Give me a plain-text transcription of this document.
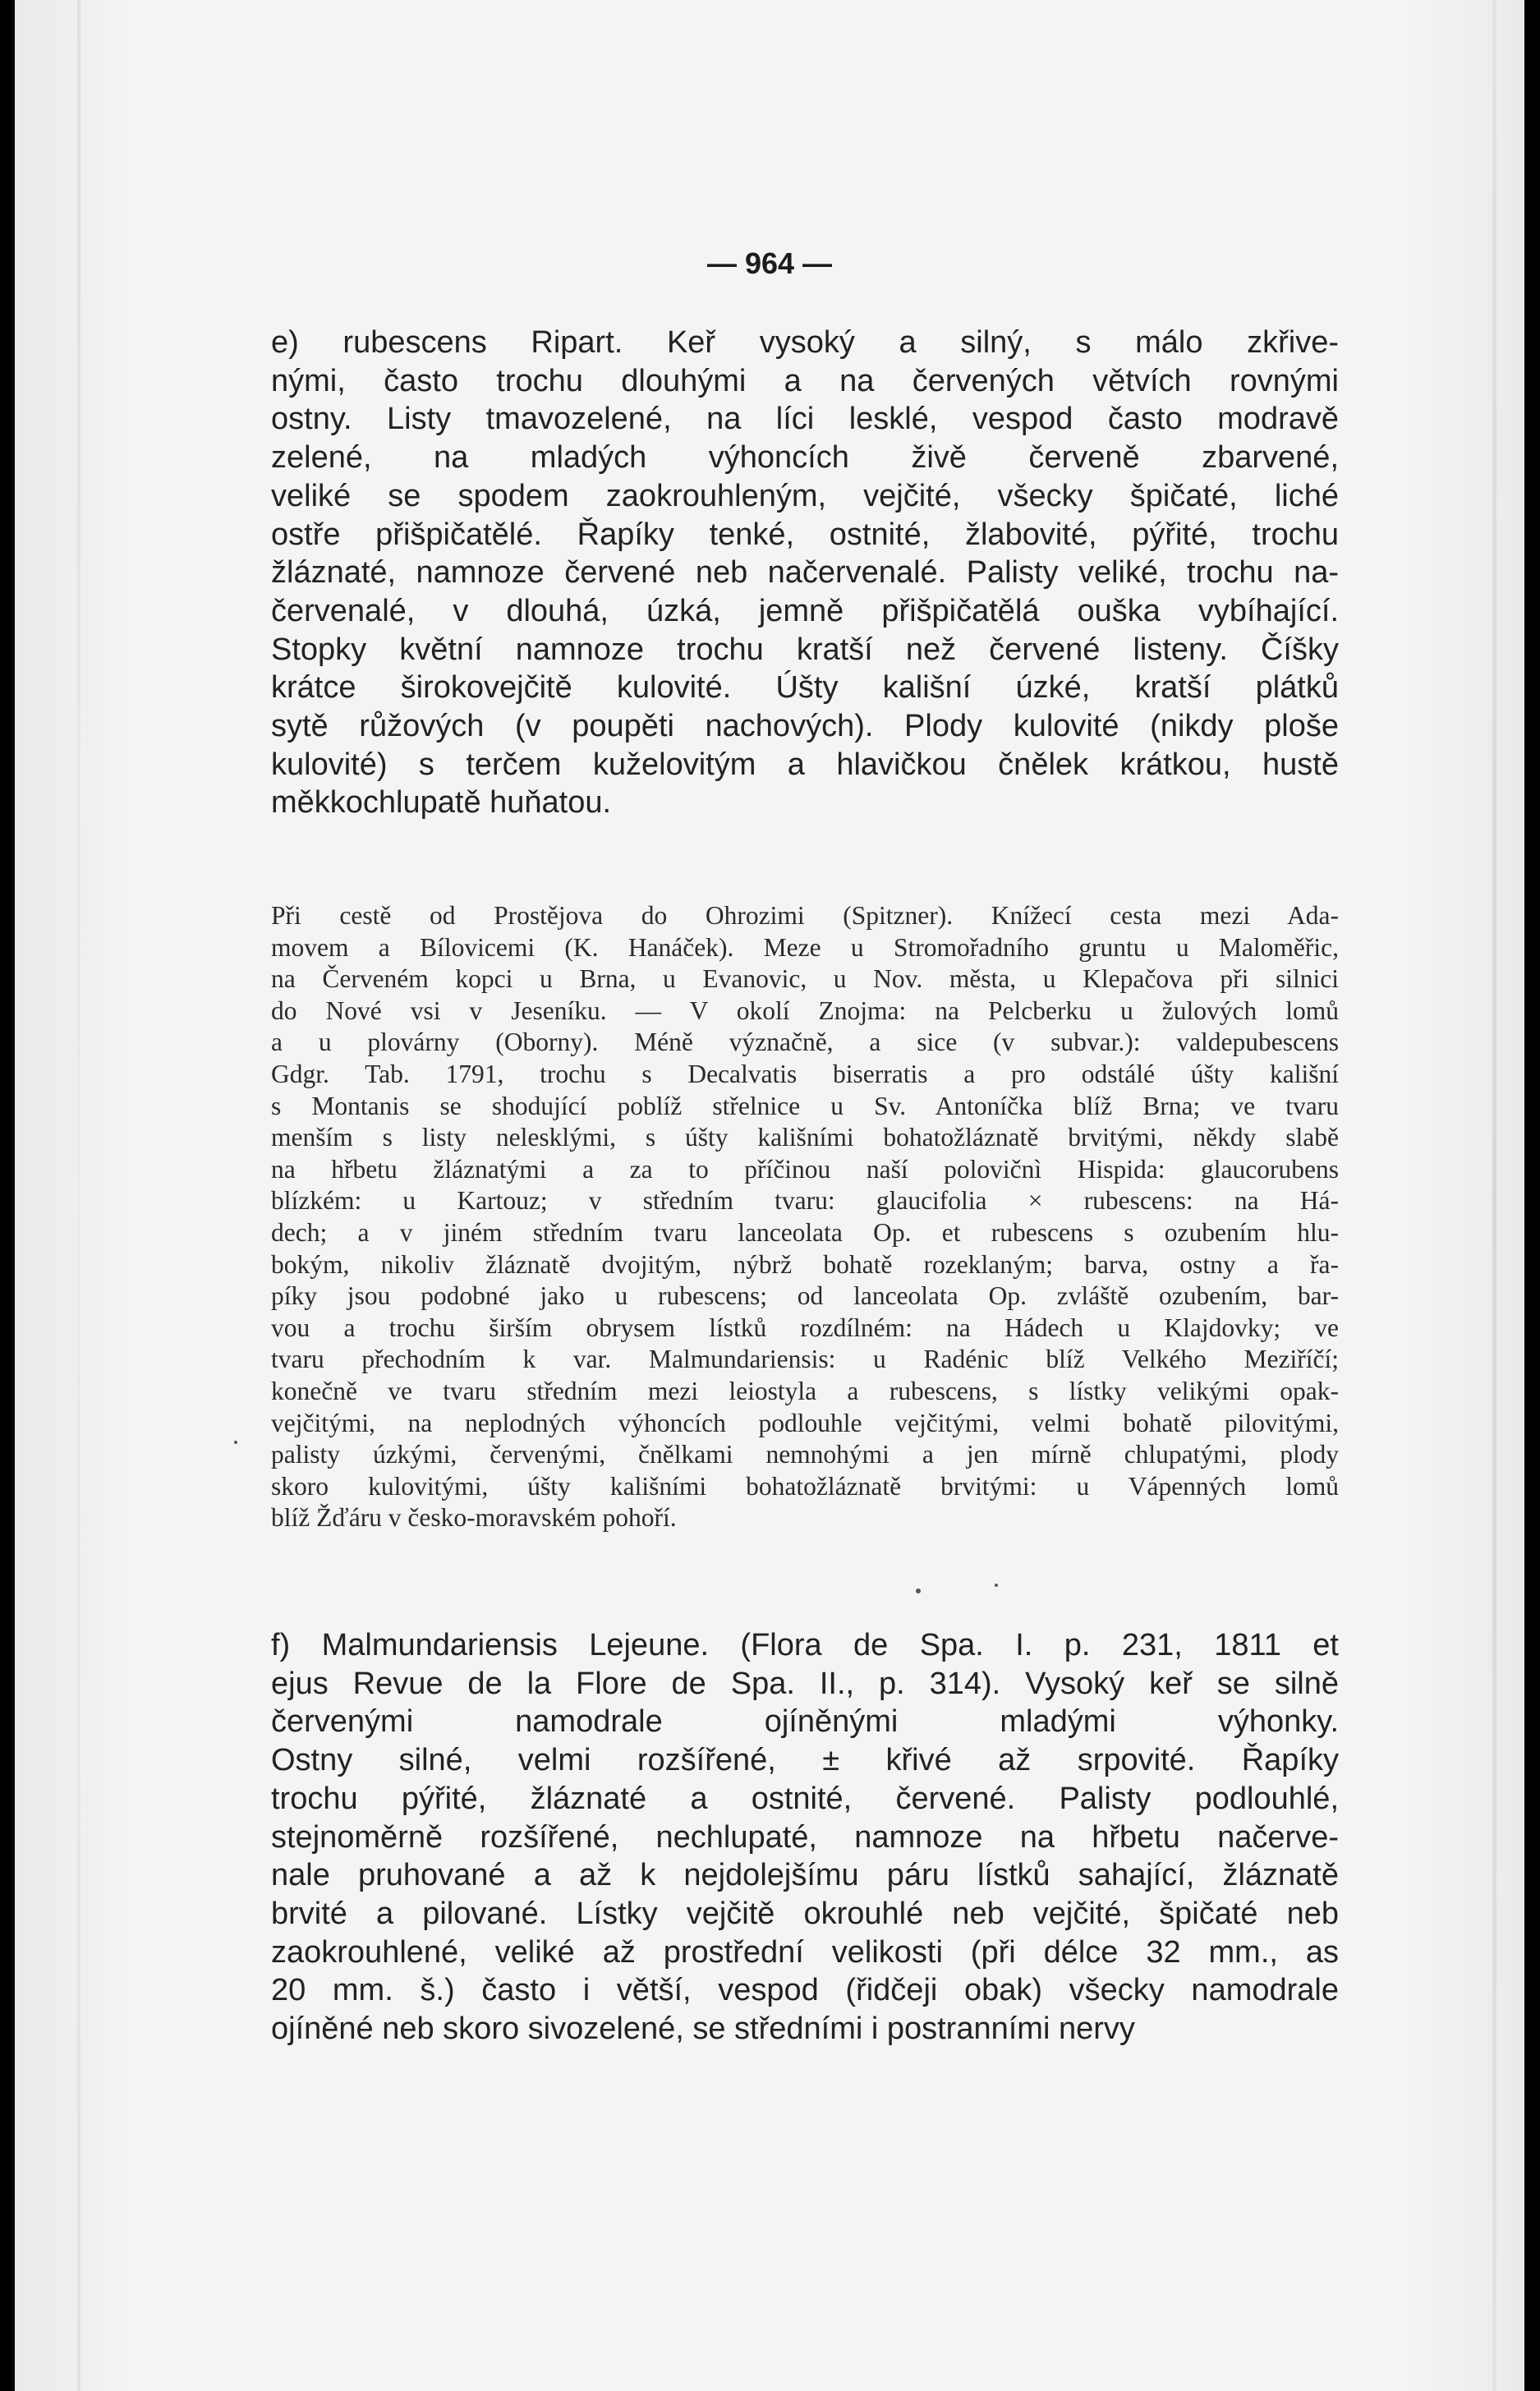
— 964 —
e) rubescens Ripart. Keř vysoký a silný, s málo zkřive-
nými, často trochu dlouhými a na červených větvích rovnými
ostny. Listy tmavozelené, na líci lesklé, vespod často modravě
zelené, na mladých výhoncích živě červeně zbarvené,
veliké se spodem zaokrouhleným, vejčité, všecky špičaté, liché
ostře přišpičatělé. Řapíky tenké, ostnité, žlabovité, pýřité, trochu
žláznaté, namnoze červené neb načervenalé. Palisty veliké, trochu na-
červenalé, v dlouhá, úzká, jemně přišpičatělá ouška vybíhající.
Stopky květní namnoze trochu kratší než červené listeny. Číšky
krátce širokovejčitě kulovité. Úšty kališní úzké, kratší plátků
sytě růžových (v poupěti nachových). Plody kulovité (nikdy ploše
kulovité) s terčem kuželovitým a hlavičkou čnělek krátkou, hustě
měkkochlupatě huňatou.
Při cestě od Prostějova do Ohrozimi (Spitzner). Knížecí cesta mezi Ada-
movem a Bílovicemi (K. Hanáček). Meze u Stromořadního gruntu u Maloměřic,
na Červeném kopci u Brna, u Evanovic, u Nov. města, u Klepačova při silnici
do Nové vsi v Jeseníku. — V okolí Znojma: na Pelcberku u žulových lomů
a u plovárny (Oborny). Méně význačně, a sice (v subvar.): valdepubescens
Gdgr. Tab. 1791, trochu s Decalvatis biserratis a pro odstálé úšty kališní
s Montanis se shodující poblíž střelnice u Sv. Antoníčka blíž Brna; ve tvaru
menším s listy nelesklými, s úšty kališními bohatožláznatě brvitými, někdy slabě
na hřbetu žláznatými a za to příčinou naší polovičnì Hispida: glaucorubens
blízkém: u Kartouz; v středním tvaru: glaucifolia × rubescens: na Há-
dech; a v jiném středním tvaru lanceolata Op. et rubescens s ozubením hlu-
bokým, nikoliv žláznatě dvojitým, nýbrž bohatě rozeklaným; barva, ostny a řa-
píky jsou podobné jako u rubescens; od lanceolata Op. zvláště ozubením, bar-
vou a trochu širším obrysem lístků rozdílném: na Hádech u Klajdovky; ve
tvaru přechodním k var. Malmundariensis: u Radénic blíž Velkého Meziříčí;
konečně ve tvaru středním mezi leiostyla a rubescens, s lístky velikými opak-
vejčitými, na neplodných výhoncích podlouhle vejčitými, velmi bohatě pilovitými,
palisty úzkými, červenými, čnělkami nemnohými a jen mírně chlupatými, plody
skoro kulovitými, úšty kališními bohatožláznatě brvitými: u Vápenných lomů
blíž Žďáru v česko-moravském pohoří.
f) Malmundariensis Lejeune. (Flora de Spa. I. p. 231, 1811 et
ejus Revue de la Flore de Spa. II., p. 314). Vysoký keř se silně
červenými namodrale ojíněnými mladými výhonky.
Ostny silné, velmi rozšířené, ± křivé až srpovité. Řapíky
trochu pýřité, žláznaté a ostnité, červené. Palisty podlouhlé,
stejnoměrně rozšířené, nechlupaté, namnoze na hřbetu načerve-
nale pruhované a až k nejdolejšímu páru lístků sahající, žláznatě
brvité a pilované. Lístky vejčitě okrouhlé neb vejčité, špičaté neb
zaokrouhlené, veliké až prostřední velikosti (při délce 32 mm., as
20 mm. š.) často i větší, vespod (řidčeji obak) všecky namodrale
ojíněné neb skoro sivozelené, se středními i postranními nervy
